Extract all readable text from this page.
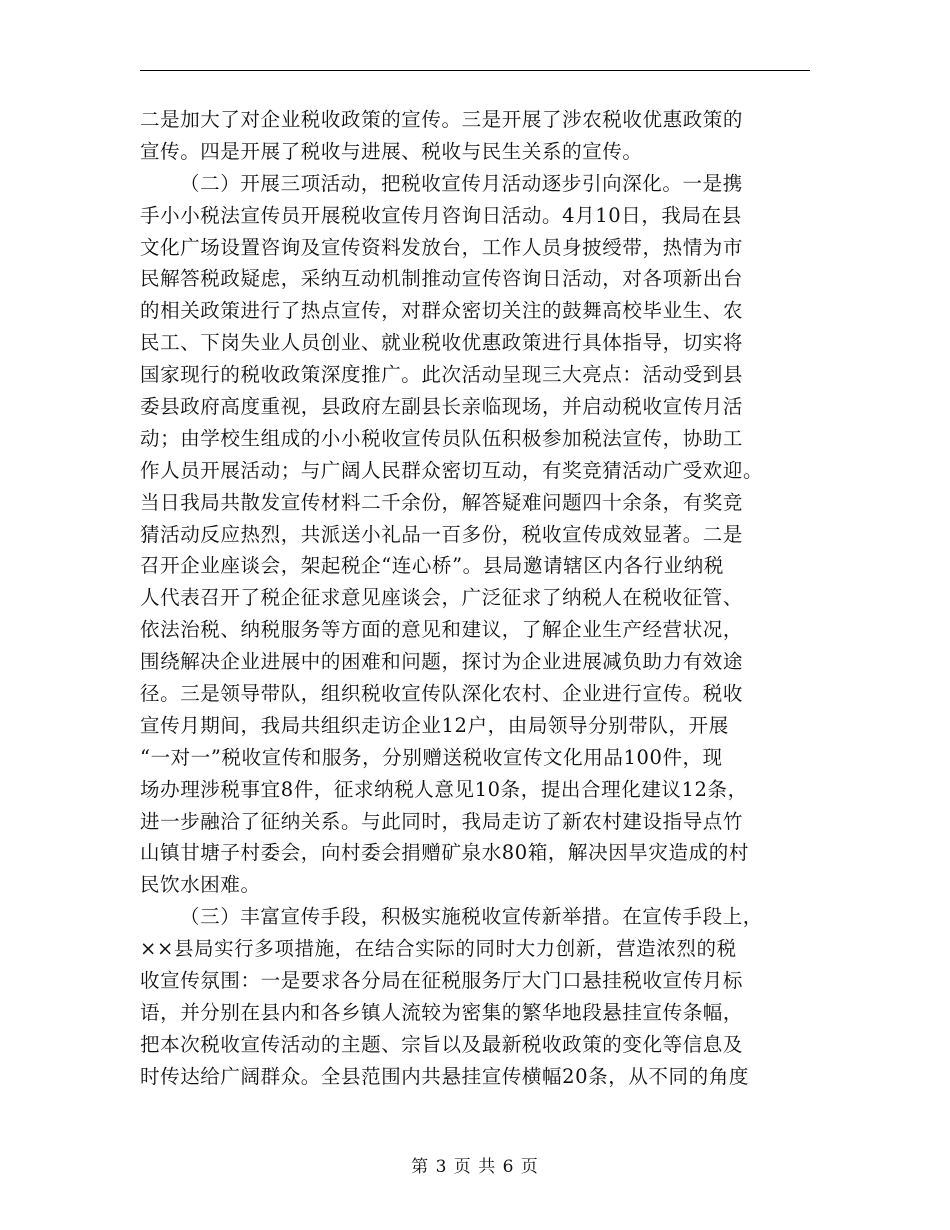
二是加大了对企业税收政策的宣传。三是开展了涉农税收优惠政策的
宣传。四是开展了税收与进展、税收与民生关系的宣传。
（二）开展三项活动，把税收宣传月活动逐步引向深化。一是携
手小小税法宣传员开展税收宣传月咨询日活动。4月10日，我局在县
文化广场设置咨询及宣传资料发放台，工作人员身披绶带，热情为市
民解答税政疑虑，采纳互动机制推动宣传咨询日活动，对各项新出台
的相关政策进行了热点宣传，对群众密切关注的鼓舞高校毕业生、农
民工、下岗失业人员创业、就业税收优惠政策进行具体指导，切实将
国家现行的税收政策深度推广。此次活动呈现三大亮点：活动受到县
委县政府高度重视，县政府左副县长亲临现场，并启动税收宣传月活
动；由学校生组成的小小税收宣传员队伍积极参加税法宣传，协助工
作人员开展活动；与广阔人民群众密切互动，有奖竞猜活动广受欢迎。
当日我局共散发宣传材料二千余份，解答疑难问题四十余条，有奖竞
猜活动反应热烈，共派送小礼品一百多份，税收宣传成效显著。二是
召开企业座谈会，架起税企“连心桥”。县局邀请辖区内各行业纳税
人代表召开了税企征求意见座谈会，广泛征求了纳税人在税收征管、
依法治税、纳税服务等方面的意见和建议，了解企业生产经营状况，
围绕解决企业进展中的困难和问题，探讨为企业进展减负助力有效途
径。三是领导带队，组织税收宣传队深化农村、企业进行宣传。税收
宣传月期间，我局共组织走访企业12户，由局领导分别带队，开展
“一对一”税收宣传和服务，分别赠送税收宣传文化用品100件，现
场办理涉税事宜8件，征求纳税人意见10条，提出合理化建议12条，
进一步融洽了征纳关系。与此同时，我局走访了新农村建设指导点竹
山镇甘塘子村委会，向村委会捐赠矿泉水80箱，解决因旱灾造成的村
民饮水困难。
（三）丰富宣传手段，积极实施税收宣传新举措。在宣传手段上，
××县局实行多项措施，在结合实际的同时大力创新，营造浓烈的税
收宣传氛围：一是要求各分局在征税服务厅大门口悬挂税收宣传月标
语，并分别在县内和各乡镇人流较为密集的繁华地段悬挂宣传条幅，
把本次税收宣传活动的主题、宗旨以及最新税收政策的变化等信息及
时传达给广阔群众。全县范围内共悬挂宣传横幅20条，从不同的角度
第 3 页 共 6 页
